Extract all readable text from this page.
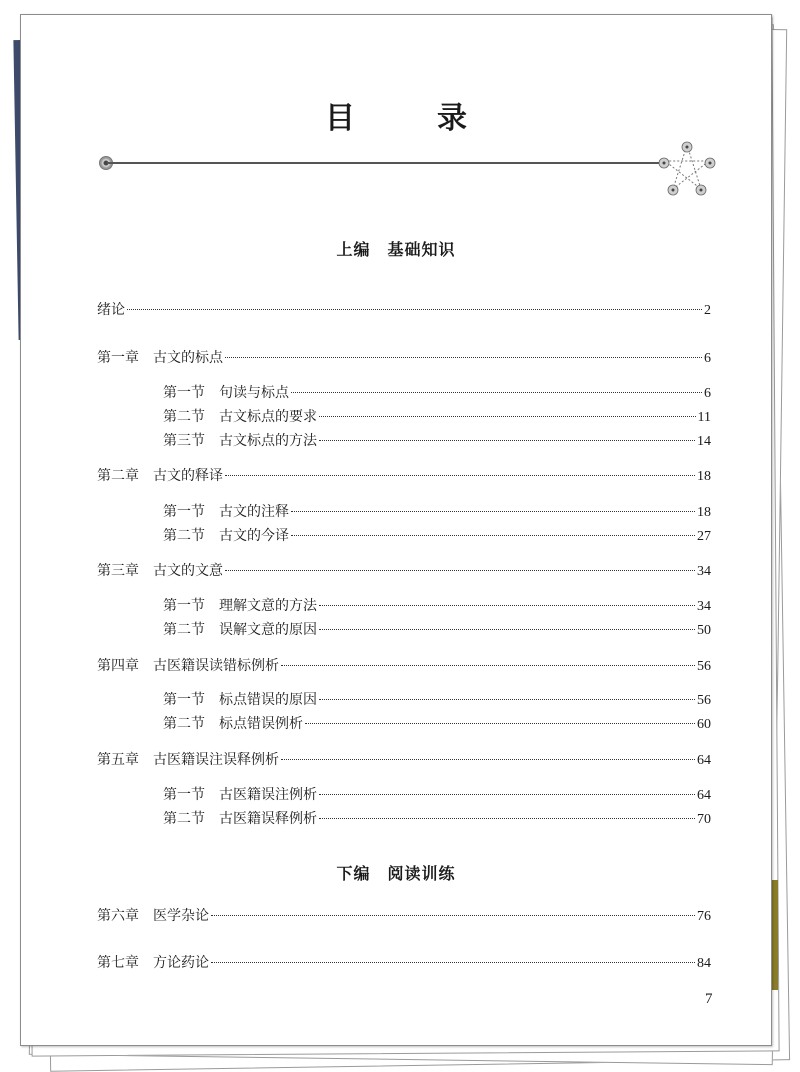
目　录
上编　基础知识
下编　阅读训练
绪论	2
第一章　古文的标点	6
第一节　句读与标点	6
第二节　古文标点的要求	11
第三节　古文标点的方法	14
第二章　古文的释译	18
第一节　古文的注释	18
第二节　古文的今译	27
第三章　古文的文意	34
第一节　理解文意的方法	34
第二节　误解文意的原因	50
第四章　古医籍误读错标例析	56
第一节　标点错误的原因	56
第二节　标点错误例析	60
第五章　古医籍误注误释例析	64
第一节　古医籍误注例析	64
第二节　古医籍误释例析	70
第六章　医学杂论	76
第七章　方论药论	84
7
